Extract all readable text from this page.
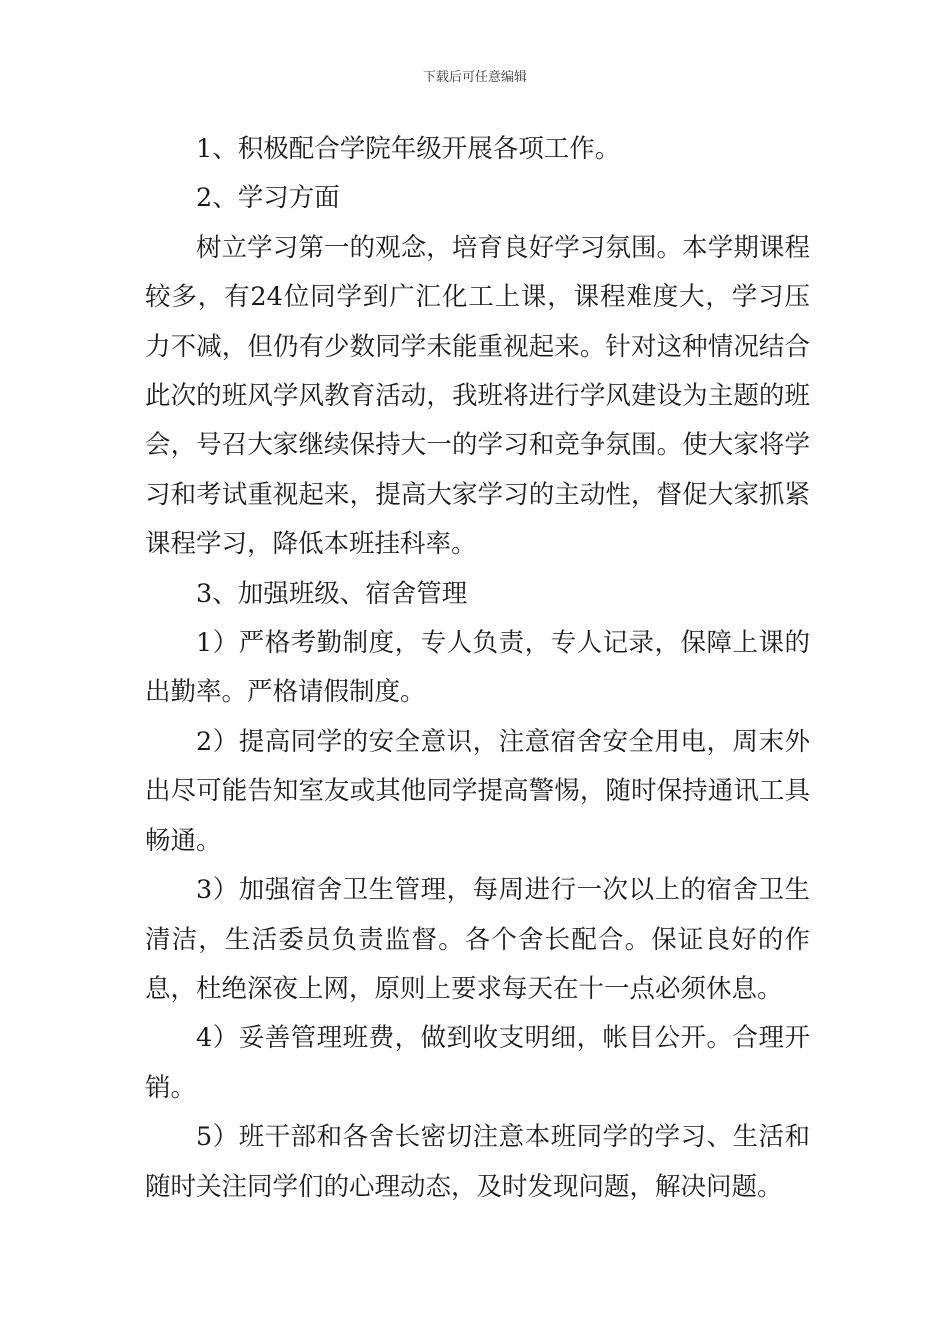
下载后可任意编辑

1、积极配合学院年级开展各项工作。

2、学习方面

树立学习第一的观念，培育良好学习氛围。本学期课程较多，有24位同学到广汇化工上课，课程难度大，学习压力不减，但仍有少数同学未能重视起来。针对这种情况结合此次的班风学风教育活动，我班将进行学风建设为主题的班会，号召大家继续保持大一的学习和竞争氛围。使大家将学习和考试重视起来，提高大家学习的主动性，督促大家抓紧课程学习，降低本班挂科率。

3、加强班级、宿舍管理

1）严格考勤制度，专人负责，专人记录，保障上课的出勤率。严格请假制度。

2）提高同学的安全意识，注意宿舍安全用电，周末外出尽可能告知室友或其他同学提高警惕，随时保持通讯工具畅通。

3）加强宿舍卫生管理，每周进行一次以上的宿舍卫生清洁，生活委员负责监督。各个舍长配合。保证良好的作息，杜绝深夜上网，原则上要求每天在十一点必须休息。

4）妥善管理班费，做到收支明细，帐目公开。合理开销。

5）班干部和各舍长密切注意本班同学的学习、生活和随时关注同学们的心理动态，及时发现问题，解决问题。
